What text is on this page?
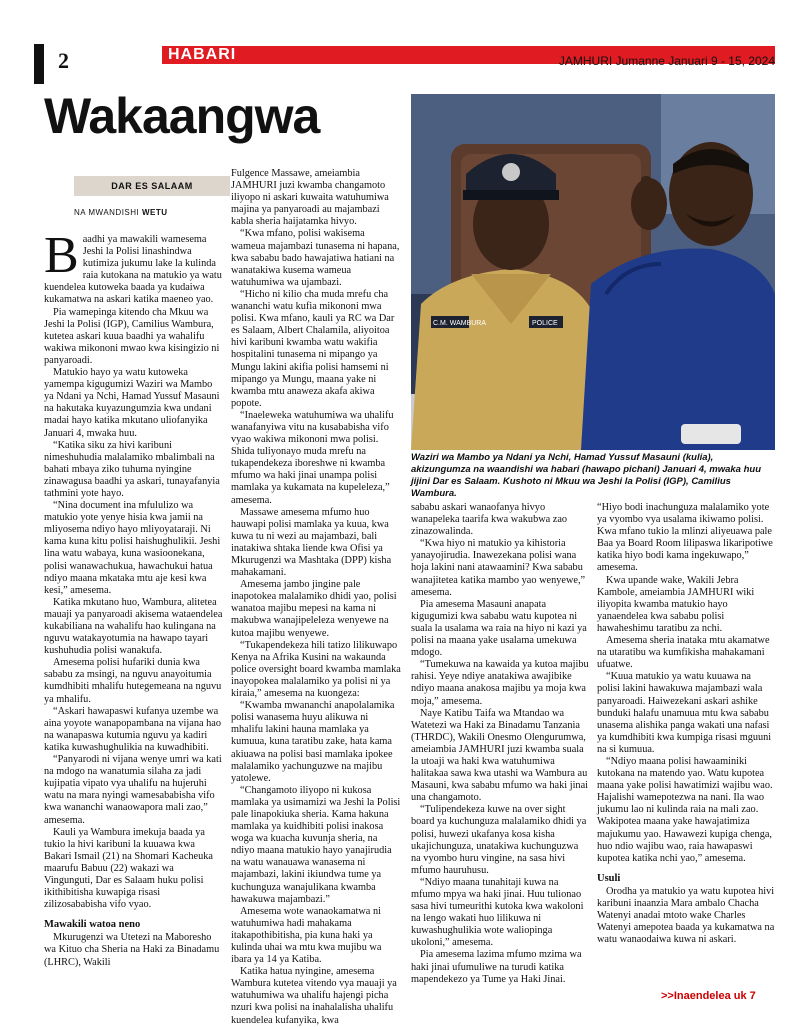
2	HABARI	JAMHURI Jumanne Januari 9 - 15, 2024
Wakaangwa
DAR ES SALAAM
NA MWANDISHI WETU

Baadhi ya mawakili wamesema Jeshi la Polisi linashindwa kutimiza jukumu lake la kulinda raia kutokana na matukio ya watu kuendelea kutoweka baada ya kudaiwa kukamatwa na askari katika maeneo yao.

Pia wamepinga kitendo cha Mkuu wa Jeshi la Polisi (IGP), Camilius Wambura, kutetea askari kuua baadhi ya wahalifu wakiwa mikononi mwao kwa kisingizio ni panyaroadi.

Matukio hayo ya watu kutoweka yamempa kigugumizi Waziri wa Mambo ya Ndani ya Nchi, Hamad Yussuf Masauni na hakutaka kuyazungumzia kwa undani madai hayo katika mkutano uliofanyika Januari 4, mwaka huu.

“Katika siku za hivi karibuni nimeshuhudia malalamiko mbalimbali na bahati mbaya ziko tuhuma nyingine zinawagusa baadhi ya askari, tunayafanyia tathmini yote hayo.

“Nina document ina mfululizo wa matukio yote yenye hisia kwa jamii na mliyosema ndiyo hayo mliyoyataraji. Ni kama kuna kitu polisi haishughulikii. Jeshi lina watu wabaya, kuna wasioonekana, polisi wanawachukua, hawachukui hatua ndiyo maana mkataka mtu aje kesi kwa kesi,” amesema.

Katika mkutano huo, Wambura, alitetea mauaji ya panyaroadi akisema wataendelea kukabiliana na wahalifu hao kulingana na nguvu watakayotumia na hawapo tayari kushuhudia polisi wanakufa.

Amesema polisi hufariki dunia kwa sababu za msingi, na nguvu anayoitumia kumdhibiti mhalifu hutegemeana na nguvu ya mhalifu.

“Askari hawapaswi kufanya uzembe wa aina yoyote wanapopambana na vijana hao na wanapaswa kutumia nguvu ya kadiri katika kuwashughulikia na kuwadhibiti.

“Panyarodi ni vijana wenye umri wa kati na mdogo na wanatumia silaha za jadi kujipatia vipato vya uhalifu na hujeruhi watu na mara nyingi wamesababisha vifo kwa wananchi wanaowapora mali zao,” amesema.

Kauli ya Wambura imekuja baada ya tukio la hivi karibuni la kuuawa kwa Bakari Ismail (21) na Shomari Kacheuka maarufu Babuu (22) wakazi wa Vingunguti, Dar es Salaam huku polisi ikithibitisha kuwapiga risasi zilizosababisha vifo vyao.

Mawakili watoa neno

Mkurugenzi wa Utetezi na Maboresho wa Kituo cha Sheria na Haki za Binadamu (LHRC), Wakili

Fulgence Massawe, ameiambia JAMHURI juzi kwamba changamoto iliyopo ni askari kuwaita watuhumiwa majina ya panyaroadi au majambazi kabla sheria haijatamka hivyo.

“Kwa mfano, polisi wakisema wameua majambazi tunasema ni hapana, kwa sababu bado hawajatiwa hatiani na wanatakiwa kusema wameua watuhumiwa wa ujambazi.

“Hicho ni kilio cha muda mrefu cha wananchi watu kufia mikononi mwa polisi. Kwa mfano, kauli ya RC wa Dar es Salaam, Albert Chalamila, aliyoitoa hivi karibuni kwamba watu wakifia hospitalini tunasema ni mipango ya Mungu lakini akifia polisi hamsemi ni mipango ya Mungu, maana yake ni kwamba mtu anaweza akafa akiwa popote.

“Inaeleweka watuhumiwa wa uhalifu wanafanyiwa vitu na kusababisha vifo vyao wakiwa mikononi mwa polisi. Shida tuliyonayo muda mrefu na tukapendekeza iboreshwe ni kwamba mfumo wa haki jinai unampa polisi mamlaka ya kukamata na kupeleleza,” amesema.

Massawe amesema mfumo huo hauwapi polisi mamlaka ya kuua, kwa kuwa tu ni wezi au majambazi, bali inatakiwa shtaka liende kwa Ofisi ya Mkurugenzi wa Mashtaka (DPP) kisha mahakamani.

Amesema jambo jingine pale inapotokea malalamiko dhidi yao, polisi wanatoa majibu mepesi na kama ni makubwa wanajipeleleza wenyewe na kutoa majibu wenyewe.

“Tukapendekeza hili tatizo lilikuwapo Kenya na Afrika Kusini na wakaunda police oversight board kwamba mamlaka inayopokea malalamiko ya polisi ni ya kiraia,” amesema na kuongeza:

“Kwamba mwananchi anapolalamika polisi wanasema huyu alikuwa ni mhalifu lakini hauna mamlaka ya kumuua, kuna taratibu zake, hata kama akiuawa na polisi basi mamlaka ipokee malalamiko yachunguzwe na majibu yatolewe.

“Changamoto iliyopo ni kukosa mamlaka ya usimamizi wa Jeshi la Polisi pale linapokiuka sheria. Kama hakuna mamlaka ya kuidhibiti polisi inakosa woga wa kuacha kuvunja sheria, na ndiyo maana matukio hayo yanajirudia na watu wanauawa wanasema ni majambazi, lakini ikiundwa tume ya kuchunguza wanajulikana kwamba hawakuwa majambazi.”

Amesema wote wanaokamatwa ni watuhumiwa hadi mahakama itakapothibitisha, pia kuna haki ya kulinda uhai wa mtu kwa mujibu wa ibara ya 14 ya Katiba.

Katika hatua nyingine, amesema Wambura kutetea vitendo vya mauaji ya watuhumiwa wa uhalifu hajengi picha nzuri kwa polisi na inahalalisha uhalifu kuendelea kufanyika, kwa

C.M. WAMBURA	POLICE
Waziri wa Mambo ya Ndani ya Nchi, Hamad Yussuf Masauni (kulia), akizungumza na waandishi wa habari (hawapo pichani) Januari 4, mwaka huu jijini Dar es Salaam. Kushoto ni Mkuu wa Jeshi la Polisi (IGP), Camilius Wambura.

sababu askari wanaofanya hivyo wanapeleka taarifa kwa wakubwa zao zinazowalinda.

“Kwa hiyo ni matukio ya kihistoria yanayojirudia. Inawezekana polisi wana hoja lakini nani atawaamini? Kwa sababu wanajitetea katika mambo yao wenyewe,” amesema.

Pia amesema Masauni anapata kigugumizi kwa sababu watu kupotea ni suala la usalama wa raia na hiyo ni kazi ya polisi na maana yake usalama umekuwa mdogo.

“Tumekuwa na kawaida ya kutoa majibu rahisi. Yeye ndiye anatakiwa awajibike ndiyo maana anakosa majibu ya moja kwa moja,” amesema.

Naye Katibu Taifa wa Mtandao wa Watetezi wa Haki za Binadamu Tanzania (THRDC), Wakili Onesmo Olengurumwa, ameiambia JAMHURI juzi kwamba suala la utoaji wa haki kwa watuhumiwa halitakaa sawa kwa utashi wa Wambura au Masauni, kwa sababu mfumo wa haki jinai una changamoto.

“Tulipendekeza kuwe na over sight board ya kuchunguza malalamiko dhidi ya polisi, huwezi ukafanya kosa kisha ukajichunguza, unatakiwa kuchunguzwa na vyombo huru vingine, na sasa hivi mfumo hauruhusu.

“Ndiyo maana tunahitaji kuwa na mfumo mpya wa haki jinai. Huu tulionao sasa hivi tumeurithi kutoka kwa wakoloni na lengo wakati huo lilikuwa ni kuwashughulikia wote waliopinga ukoloni,” amesema.

Pia amesema lazima mfumo mzima wa haki jinai ufumuliwe na turudi katika mapendekezo ya Tume ya Haki Jinai.

“Hiyo bodi inachunguza malalamiko yote ya vyombo vya usalama ikiwamo polisi. Kwa mfano tukio la mlinzi aliyeuawa pale Baa ya Board Room lilipaswa likaripotiwe katika hiyo bodi kama ingekuwapo,” amesema.

Kwa upande wake, Wakili Jebra Kambole, ameiambia JAMHURI wiki iliyopita kwamba matukio hayo yanaendelea kwa sababu polisi hawaheshimu taratibu za nchi.

Amesema sheria inataka mtu akamatwe na utaratibu wa kumfikisha mahakamani ufuatwe.

“Kuua matukio ya watu kuuawa na polisi lakini hawakuwa majambazi wala panyaroadi. Haiwezekani askari ashike bunduki halafu unamuua mtu kwa sababu unasema alishika panga wakati una nafasi ya kumdhibiti kwa kumpiga risasi mguuni na si kumuua.

“Ndiyo maana polisi hawaaminiki kutokana na matendo yao. Watu kupotea maana yake polisi hawatimizi wajibu wao. Hajalishi wamepotezwa na nani. Ila wao jukumu lao ni kulinda raia na mali zao. Wakipotea maana yake hawajatimiza majukumu yao. Hawawezi kupiga chenga, huo ndio wajibu wao, raia hawapaswi kupotea katika nchi yao,” amesema.

Usuli

Orodha ya matukio ya watu kupotea hivi karibuni inaanzia Mara ambalo Chacha Watenyi anadai mtoto wake Charles Watenyi amepotea baada ya kukamatwa na watu wanaodaiwa kuwa ni askari.

>>Inaendelea uk 7
